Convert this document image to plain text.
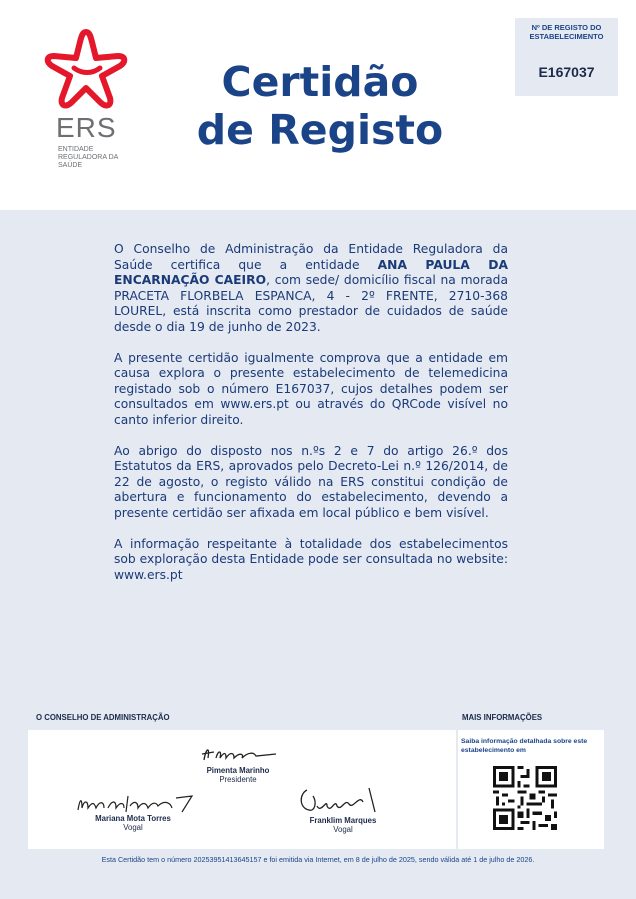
ERS
ENTIDADE REGULADORA DA SAÚDE
Certidão
de Registo
Nº DE REGISTO DO ESTABELECIMENTO
E167037

O Conselho de Administração da Entidade Reguladora da Saúde certifica que a entidade ANA PAULA DA ENCARNAÇÃO CAEIRO, com sede/ domicílio fiscal na morada PRACETA FLORBELA ESPANCA, 4 - 2º FRENTE, 2710-368 LOUREL, está inscrita como prestador de cuidados de saúde desde o dia 19 de junho de 2023.

A presente certidão igualmente comprova que a entidade em causa explora o presente estabelecimento de telemedicina registado sob o número E167037, cujos detalhes podem ser consultados em www.ers.pt ou através do QRCode visível no canto inferior direito.

Ao abrigo do disposto nos n.ºs 2 e 7 do artigo 26.º dos Estatutos da ERS, aprovados pelo Decreto-Lei n.º 126/2014, de 22 de agosto, o registo válido na ERS constitui condição de abertura e funcionamento do estabelecimento, devendo a presente certidão ser afixada em local público e bem visível.

A informação respeitante à totalidade dos estabelecimentos sob exploração desta Entidade pode ser consultada no website: www.ers.pt

O CONSELHO DE ADMINISTRAÇÃO	MAIS INFORMAÇÕES
Pimenta Marinho
Presidente
Mariana Mota Torres
Vogal
Franklim Marques
Vogal
Saiba informação detalhada sobre este estabelecimento em
Esta Certidão tem o número 20253951413645157 e foi emitida via Internet, em 8 de julho de 2025, sendo válida até 1 de julho de 2026.
